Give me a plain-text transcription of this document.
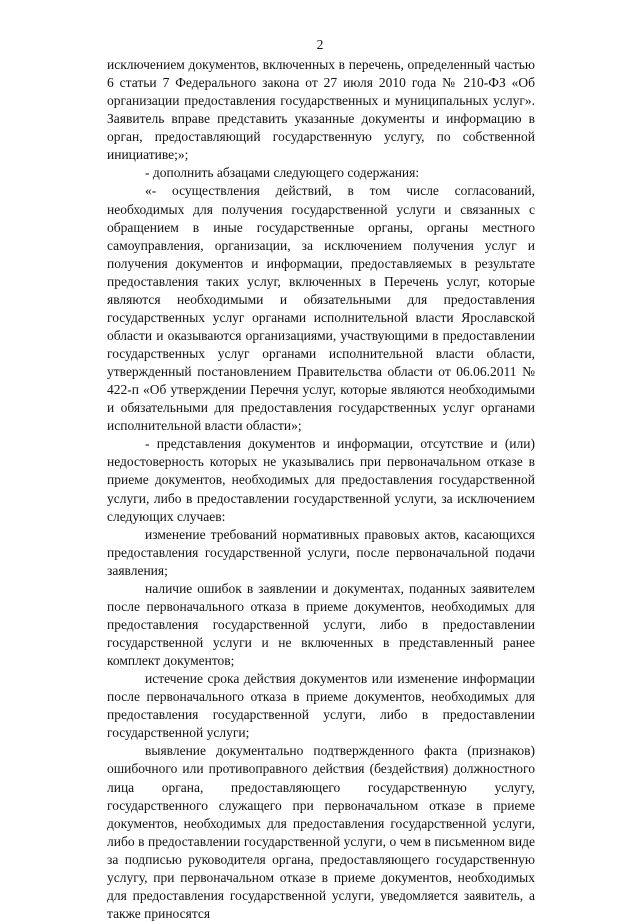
2

исключением документов, включенных в перечень, определенный частью 6 статьи 7 Федерального закона от 27 июля 2010 года № 210-ФЗ «Об организации предоставления государственных и муниципальных услуг». Заявитель вправе представить указанные документы и информацию в орган, предоставляющий государственную услугу, по собственной инициативе;»;

- дополнить абзацами следующего содержания:

«- осуществления действий, в том числе согласований, необходимых для получения государственной услуги и связанных с обращением в иные государственные органы, органы местного самоуправления, организации, за исключением получения услуг и получения документов и информации, предоставляемых в результате предоставления таких услуг, включенных в Перечень услуг, которые являются необходимыми и обязательными для предоставления государственных услуг органами исполнительной власти Ярославской области и оказываются организациями, участвующими в предоставлении государственных услуг органами исполнительной власти области, утвержденный постановлением Правительства области от 06.06.2011 № 422-п «Об утверждении Перечня услуг, которые являются необходимыми и обязательными для предоставления государственных услуг органами исполнительной власти области»;

- представления документов и информации, отсутствие и (или) недостоверность которых не указывались при первоначальном отказе в приеме документов, необходимых для предоставления государственной услуги, либо в предоставлении государственной услуги, за исключением следующих случаев:

изменение требований нормативных правовых актов, касающихся предоставления государственной услуги, после первоначальной подачи заявления;

наличие ошибок в заявлении и документах, поданных заявителем после первоначального отказа в приеме документов, необходимых для предоставления государственной услуги, либо в предоставлении государственной услуги и не включенных в представленный ранее комплект документов;

истечение срока действия документов или изменение информации после первоначального отказа в приеме документов, необходимых для предоставления государственной услуги, либо в предоставлении государственной услуги;

выявление документально подтвержденного факта (признаков) ошибочного или противоправного действия (бездействия) должностного лица органа, предоставляющего государственную услугу, государственного служащего при первоначальном отказе в приеме документов, необходимых для предоставления государственной услуги, либо в предоставлении государственной услуги, о чем в письменном виде за подписью руководителя органа, предоставляющего государственную услугу, при первоначальном отказе в приеме документов, необходимых для предоставления государственной услуги, уведомляется заявитель, а также приносятся
